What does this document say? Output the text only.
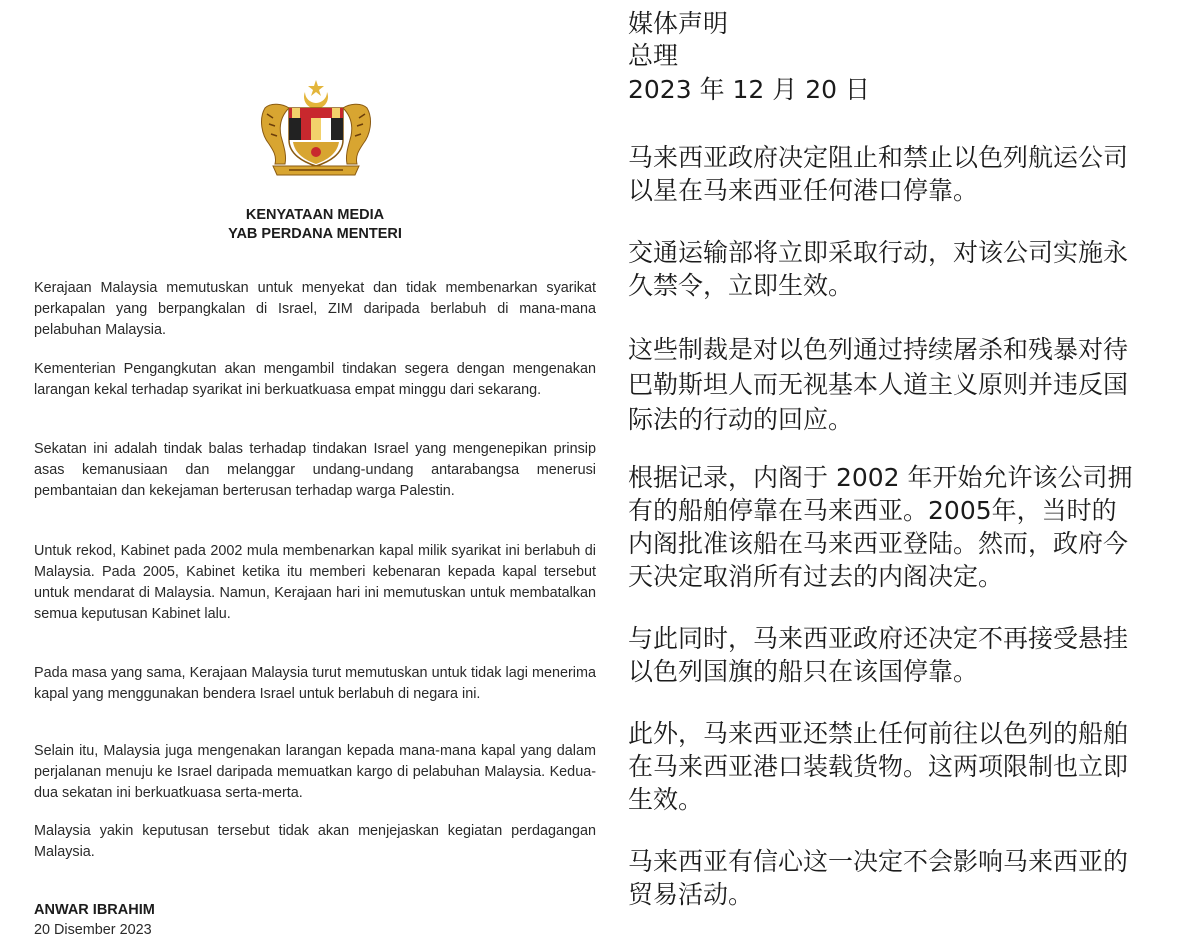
KENYATAAN MEDIA
YAB PERDANA MENTERI

Kerajaan Malaysia memutuskan untuk menyekat dan tidak membenarkan syarikat perkapalan yang berpangkalan di Israel, ZIM daripada berlabuh di mana-mana pelabuhan Malaysia.

Kementerian Pengangkutan akan mengambil tindakan segera dengan mengenakan larangan kekal terhadap syarikat ini berkuatkuasa empat minggu dari sekarang.

Sekatan ini adalah tindak balas terhadap tindakan Israel yang mengenepikan prinsip asas kemanusiaan dan melanggar undang-undang antarabangsa menerusi pembantaian dan kekejaman berterusan terhadap warga Palestin.

Untuk rekod, Kabinet pada 2002 mula membenarkan kapal milik syarikat ini berlabuh di Malaysia. Pada 2005, Kabinet ketika itu memberi kebenaran kepada kapal tersebut untuk mendarat di Malaysia. Namun, Kerajaan hari ini memutuskan untuk membatalkan semua keputusan Kabinet lalu.

Pada masa yang sama, Kerajaan Malaysia turut memutuskan untuk tidak lagi menerima kapal yang menggunakan bendera Israel untuk berlabuh di negara ini.

Selain itu, Malaysia juga mengenakan larangan kepada mana-mana kapal yang dalam perjalanan menuju ke Israel daripada memuatkan kargo di pelabuhan Malaysia. Kedua-dua sekatan ini berkuatkuasa serta-merta.

Malaysia yakin keputusan tersebut tidak akan menjejaskan kegiatan perdagangan Malaysia.

ANWAR IBRAHIM
20 Disember 2023
媒体声明
总理
2023 年 12 月 20 日

马来西亚政府决定阻止和禁止以色列航运公司
以星在马来西亚任何港口停靠。

交通运输部将立即采取行动，对该公司实施永
久禁令，立即生效。

这些制裁是对以色列通过持续屠杀和残暴对待
巴勒斯坦人而无视基本人道主义原则并违反国
际法的行动的回应。

根据记录，内阁于 2002 年开始允许该公司拥
有的船舶停靠在马来西亚。2005年，当时的
内阁批准该船在马来西亚登陆。然而，政府今
天决定取消所有过去的内阁决定。

与此同时，马来西亚政府还决定不再接受悬挂
以色列国旗的船只在该国停靠。

此外，马来西亚还禁止任何前往以色列的船舶
在马来西亚港口装载货物。这两项限制也立即
生效。

马来西亚有信心这一决定不会影响马来西亚的
贸易活动。
